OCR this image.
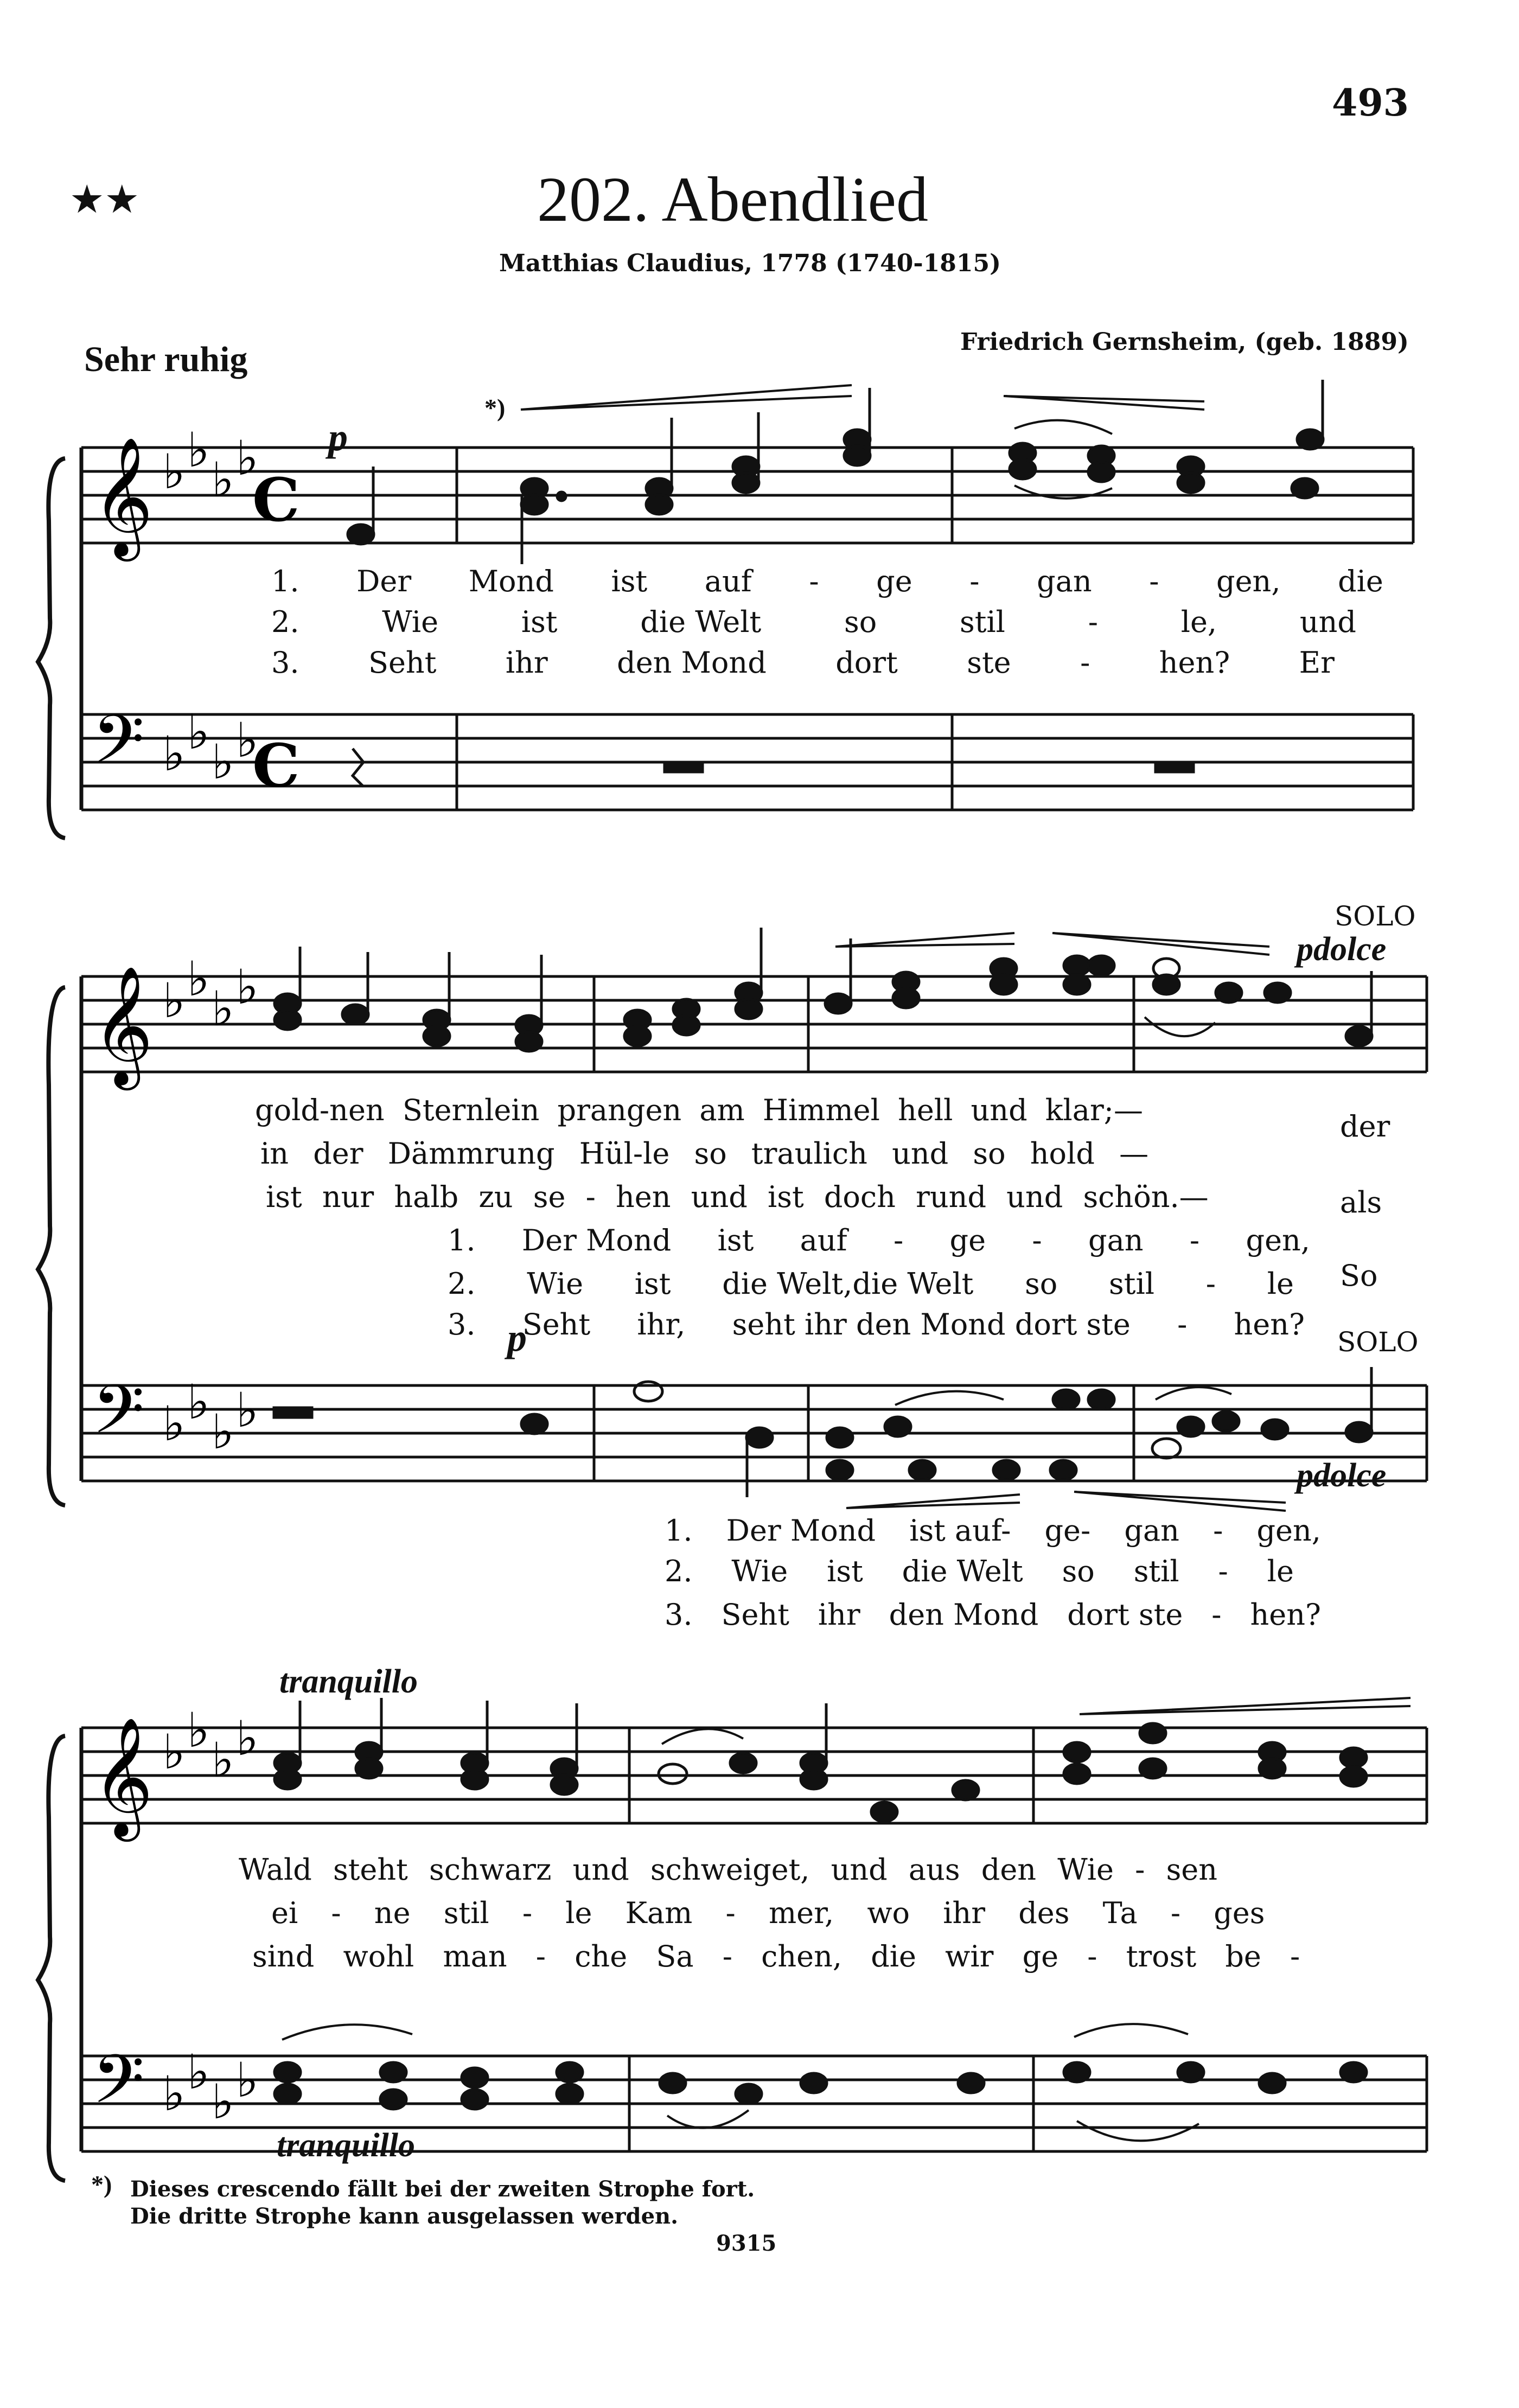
493
★★	202. Abendlied
Matthias Claudius, 1778 (1740-1815)
Friedrich Gernsheim, (geb. 1889)
Sehr ruhig
𝄞 ♭ ♭
♭ ♭
C
𝄢 ♭ ♭
♭ ♭
C
p
*)
1. Der Mond ist auf - ge - gan - gen, die
2.	Wie	ist	die Welt	so	stil	-	le,	und
3. Seht ihr den Mond dort ste - hen? Er
𝄞 ♭ ♭
♭ ♭
𝄢 ♭ ♭
♭ ♭
p
SOLO
pdolce
SOLO
pdolce
gold-nen Sternlein prangen am Himmel hell und klar;—
in der Dämmrung Hül-le so traulich und so hold —
ist nur halb zu se - hen und ist doch rund und schön.—
der
als
1. Der Mond ist auf - ge - gan - gen,
2. Wie ist die Welt,die Welt so stil - le
3. Seht ihr, seht ihr den Mond dort ste - hen?
So
1. Der Mond ist auf- ge- gan - gen,
2. Wie ist die Welt so stil - le
3. Seht ihr den Mond dort ste - hen?
tranquillo
𝄞 ♭ ♭
♭ ♭
𝄢 ♭ ♭
♭ ♭
Wald steht schwarz und schweiget, und aus den Wie - sen
ei - ne stil - le Kam - mer, wo ihr des Ta - ges
sind wohl man - che Sa - chen, die wir ge - trost be -
tranquillo
*) Dieses crescendo fällt bei der zweiten Strophe fort.
Die dritte Strophe kann ausgelassen werden.
9315
